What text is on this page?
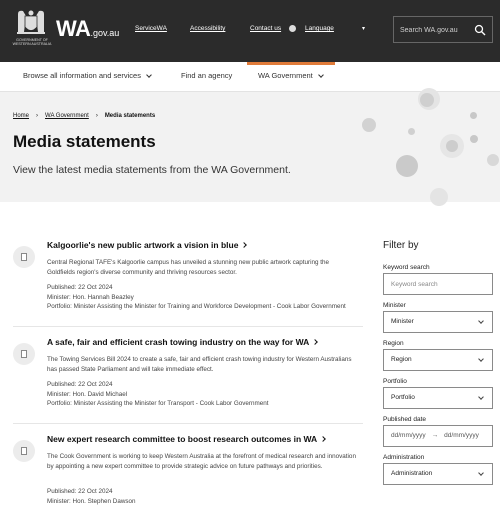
GOVERNMENT OF WESTERN AUSTRALIA
WA.gov.au ServiceWA	Accessibility	Contact us	Language	▾
Search WA.gov.au
Browse all information and services	Find an agency	WA Government
Home › WA Government › Media statements
Media statements

View the latest media statements from the WA Government.

Kalgoorlie's new public artwork a vision in blue
Central Regional TAFE's Kalgoorlie campus has unveiled a stunning new public artwork capturing the Goldfields region's diverse community and thriving resources sector.
Published: 22 Oct 2024
Minister: Hon. Hannah Beazley
Portfolio: Minister Assisting the Minister for Training and Workforce Development - Cook Labor Government
A safe, fair and efficient crash towing industry on the way for WA
The Towing Services Bill 2024 to create a safe, fair and efficient crash towing industry for Western Australians has passed State Parliament and will take immediate effect.
Published: 22 Oct 2024
Minister: Hon. David Michael
Portfolio: Minister Assisting the Minister for Transport - Cook Labor Government
New expert research committee to boost research outcomes in WA
The Cook Government is working to keep Western Australia at the forefront of medical research and innovation by appointing a new expert committee to provide strategic advice on future pathways and priorities.
Published: 22 Oct 2024
Minister: Hon. Stephen Dawson
Filter by
Keyword search
Keyword search
Minister
Minister
Region
Region
Portfolio
Portfolio
Published date
dd/mm/yyyy → dd/mm/yyyy
Administration
Administration
